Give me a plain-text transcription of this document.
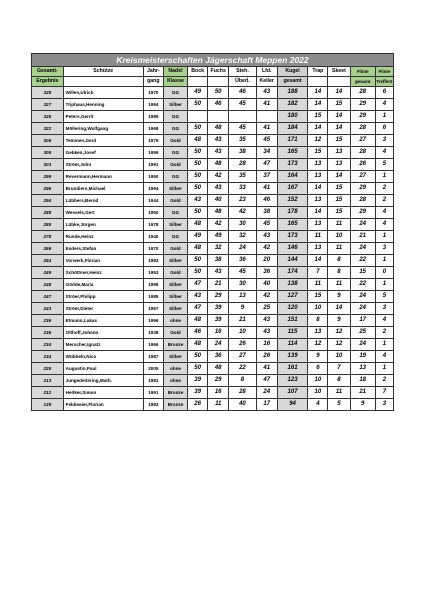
Kreismeisterschaften Jägerschaft Meppen 2022												
Gesamt-	Schütze	Jahr-	Nadel	Bock	Fuchs	Steh.	Lfd.	Kugel	Trap	Skeet	Flinte	Flinte
Ergebnis		gang	Klasse			Überl.	Keiler	gesamt			gesamt	Treffer2
328	Willen,Ulrich	1970	GG	49	50	46	43	188	14	14	28	6
327	Triphaus,Henning	1994	Silber	50	46	45	41	182	14	15	29	4
325	Peters,Gerrit	1985	GG					180	15	14	29	1
322	Möllering,Wolfgang	1968	GG	50	48	45	41	184	14	14	28	6
306	Temmen,Gerd	1975	Gold	48	43	35	45	171	12	15	27	3
305	Gebken,Josef	1959	GG	50	43	38	34	165	15	13	28	4
303	Ströer,John	1991	Gold	50	48	28	47	173	13	13	26	5
299	Revermann,Hermann	1950	GG	50	42	35	37	164	13	14	27	1
296	Brundiers,Michael	1994	Silber	50	43	33	41	167	14	15	29	2
294	Lübbers,Bernd	1944	Gold	43	40	23	46	152	13	15	28	2
288	Wessels,Gert	1950	GG	50	48	42	38	178	14	15	29	4
285	Lübke,Jürgen	1978	Silber	48	42	30	45	165	13	11	24	4
278	Runde,Heinz	1940	GG	49	49	32	43	173	11	10	21	1
266	Esders,Stefan	1970	Gold	48	32	24	42	146	13	11	24	3
254	Vorwerk,Florian	1993	Silber	50	38	36	20	144	14	8	22	1
249	Schöttmer,Heinz	1953	Gold	50	43	45	36	174	7	8	15	0
248	Gödde,Maria	1999	Silber	47	21	30	40	138	11	11	22	1
247	Ströer,Philipp	1985	Silber	43	29	13	42	127	15	9	24	5
243	Ströer,Dieter	1967	Silber	47	39	9	25	120	10	14	24	3
236	Etmann,Lukas	1996	ohne	48	39	21	43	151	8	9	17	4
236	Olthoff,Johann	1938	Gold	46	16	10	43	115	13	12	25	2
234	Merscher,Ignatz	1966	Bronze	48	24	26	16	114	12	12	24	1
234	Wübbeln,Nico	1987	Silber	50	36	27	26	139	9	10	19	4
225	Augustin,Paul	2005	ohne	50	48	22	41	161	6	7	13	1
213	Jungedeitering,Math.	1981	ohne	39	29	8	47	123	10	8	18	2
212	Heitker,Simon	1991	Bronze	39	16	28	24	107	10	11	21	7
139	Feldmeier,Florian	1993	Bronze	26	11	40	17	94	4	5	9	3
